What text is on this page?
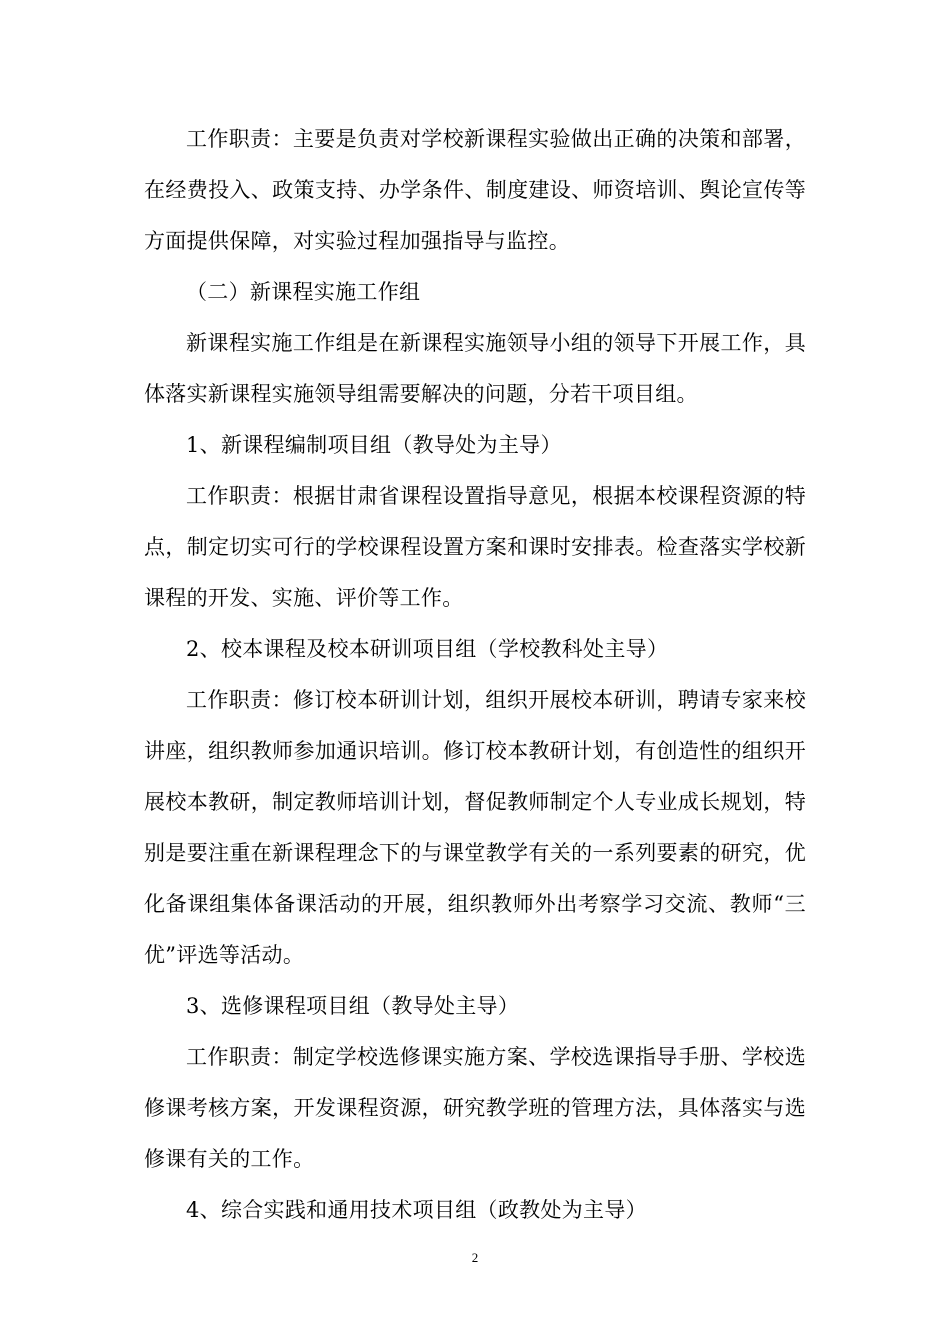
工作职责：主要是负责对学校新课程实验做出正确的决策和部署，在经费投入、政策支持、办学条件、制度建设、师资培训、舆论宣传等方面提供保障，对实验过程加强指导与监控。

（二）新课程实施工作组

新课程实施工作组是在新课程实施领导小组的领导下开展工作，具体落实新课程实施领导组需要解决的问题，分若干项目组。

1、新课程编制项目组（教导处为主导）

工作职责：根据甘肃省课程设置指导意见，根据本校课程资源的特点，制定切实可行的学校课程设置方案和课时安排表。检查落实学校新课程的开发、实施、评价等工作。

2、校本课程及校本研训项目组（学校教科处主导）

工作职责：修订校本研训计划，组织开展校本研训，聘请专家来校讲座，组织教师参加通识培训。修订校本教研计划，有创造性的组织开展校本教研，制定教师培训计划，督促教师制定个人专业成长规划，特别是要注重在新课程理念下的与课堂教学有关的一系列要素的研究，优化备课组集体备课活动的开展，组织教师外出考察学习交流、教师“三优”评选等活动。

3、选修课程项目组（教导处主导）

工作职责：制定学校选修课实施方案、学校选课指导手册、学校选修课考核方案，开发课程资源，研究教学班的管理方法，具体落实与选修课有关的工作。

4、综合实践和通用技术项目组（政教处为主导）

2
